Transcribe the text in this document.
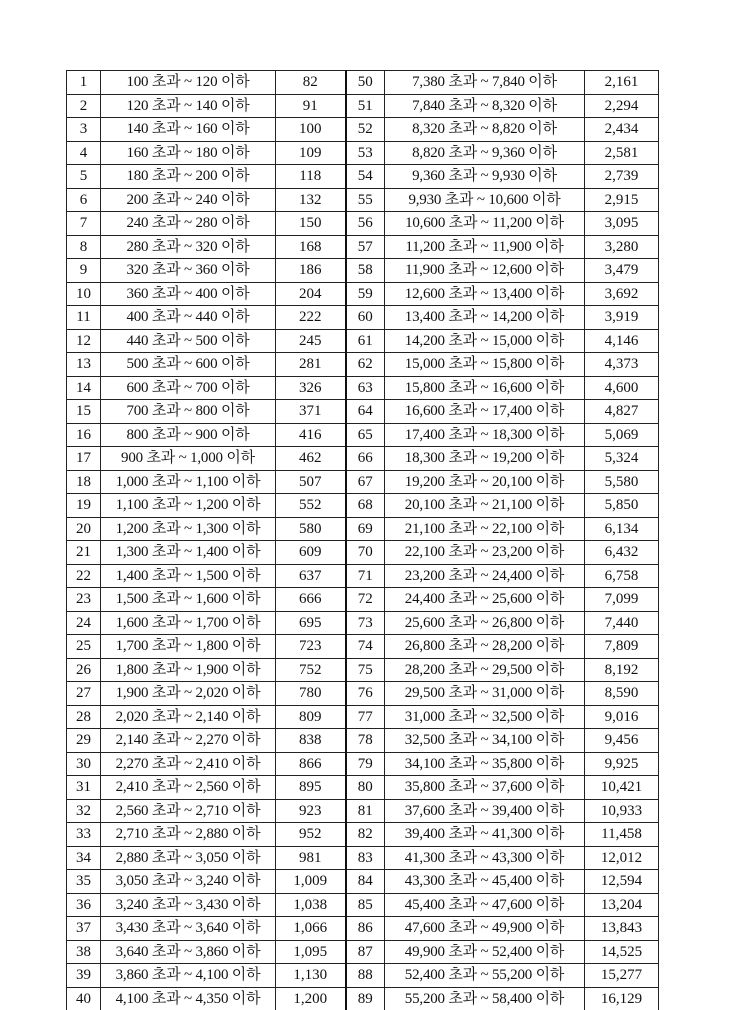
1	100 초과 ~ 120 이하	82	50	7,380 초과 ~ 7,840 이하	2,161
2	120 초과 ~ 140 이하	91	51	7,840 초과 ~ 8,320 이하	2,294
3	140 초과 ~ 160 이하	100	52	8,320 초과 ~ 8,820 이하	2,434
4	160 초과 ~ 180 이하	109	53	8,820 초과 ~ 9,360 이하	2,581
5	180 초과 ~ 200 이하	118	54	9,360 초과 ~ 9,930 이하	2,739
6	200 초과 ~ 240 이하	132	55	9,930 초과 ~ 10,600 이하	2,915
7	240 초과 ~ 280 이하	150	56	10,600 초과 ~ 11,200 이하	3,095
8	280 초과 ~ 320 이하	168	57	11,200 초과 ~ 11,900 이하	3,280
9	320 초과 ~ 360 이하	186	58	11,900 초과 ~ 12,600 이하	3,479
10	360 초과 ~ 400 이하	204	59	12,600 초과 ~ 13,400 이하	3,692
11	400 초과 ~ 440 이하	222	60	13,400 초과 ~ 14,200 이하	3,919
12	440 초과 ~ 500 이하	245	61	14,200 초과 ~ 15,000 이하	4,146
13	500 초과 ~ 600 이하	281	62	15,000 초과 ~ 15,800 이하	4,373
14	600 초과 ~ 700 이하	326	63	15,800 초과 ~ 16,600 이하	4,600
15	700 초과 ~ 800 이하	371	64	16,600 초과 ~ 17,400 이하	4,827
16	800 초과 ~ 900 이하	416	65	17,400 초과 ~ 18,300 이하	5,069
17	900 초과 ~ 1,000 이하	462	66	18,300 초과 ~ 19,200 이하	5,324
18	1,000 초과 ~ 1,100 이하	507	67	19,200 초과 ~ 20,100 이하	5,580
19	1,100 초과 ~ 1,200 이하	552	68	20,100 초과 ~ 21,100 이하	5,850
20	1,200 초과 ~ 1,300 이하	580	69	21,100 초과 ~ 22,100 이하	6,134
21	1,300 초과 ~ 1,400 이하	609	70	22,100 초과 ~ 23,200 이하	6,432
22	1,400 초과 ~ 1,500 이하	637	71	23,200 초과 ~ 24,400 이하	6,758
23	1,500 초과 ~ 1,600 이하	666	72	24,400 초과 ~ 25,600 이하	7,099
24	1,600 초과 ~ 1,700 이하	695	73	25,600 초과 ~ 26,800 이하	7,440
25	1,700 초과 ~ 1,800 이하	723	74	26,800 초과 ~ 28,200 이하	7,809
26	1,800 초과 ~ 1,900 이하	752	75	28,200 초과 ~ 29,500 이하	8,192
27	1,900 초과 ~ 2,020 이하	780	76	29,500 초과 ~ 31,000 이하	8,590
28	2,020 초과 ~ 2,140 이하	809	77	31,000 초과 ~ 32,500 이하	9,016
29	2,140 초과 ~ 2,270 이하	838	78	32,500 초과 ~ 34,100 이하	9,456
30	2,270 초과 ~ 2,410 이하	866	79	34,100 초과 ~ 35,800 이하	9,925
31	2,410 초과 ~ 2,560 이하	895	80	35,800 초과 ~ 37,600 이하	10,421
32	2,560 초과 ~ 2,710 이하	923	81	37,600 초과 ~ 39,400 이하	10,933
33	2,710 초과 ~ 2,880 이하	952	82	39,400 초과 ~ 41,300 이하	11,458
34	2,880 초과 ~ 3,050 이하	981	83	41,300 초과 ~ 43,300 이하	12,012
35	3,050 초과 ~ 3,240 이하	1,009	84	43,300 초과 ~ 45,400 이하	12,594
36	3,240 초과 ~ 3,430 이하	1,038	85	45,400 초과 ~ 47,600 이하	13,204
37	3,430 초과 ~ 3,640 이하	1,066	86	47,600 초과 ~ 49,900 이하	13,843
38	3,640 초과 ~ 3,860 이하	1,095	87	49,900 초과 ~ 52,400 이하	14,525
39	3,860 초과 ~ 4,100 이하	1,130	88	52,400 초과 ~ 55,200 이하	15,277
40	4,100 초과 ~ 4,350 이하	1,200	89	55,200 초과 ~ 58,400 이하	16,129
